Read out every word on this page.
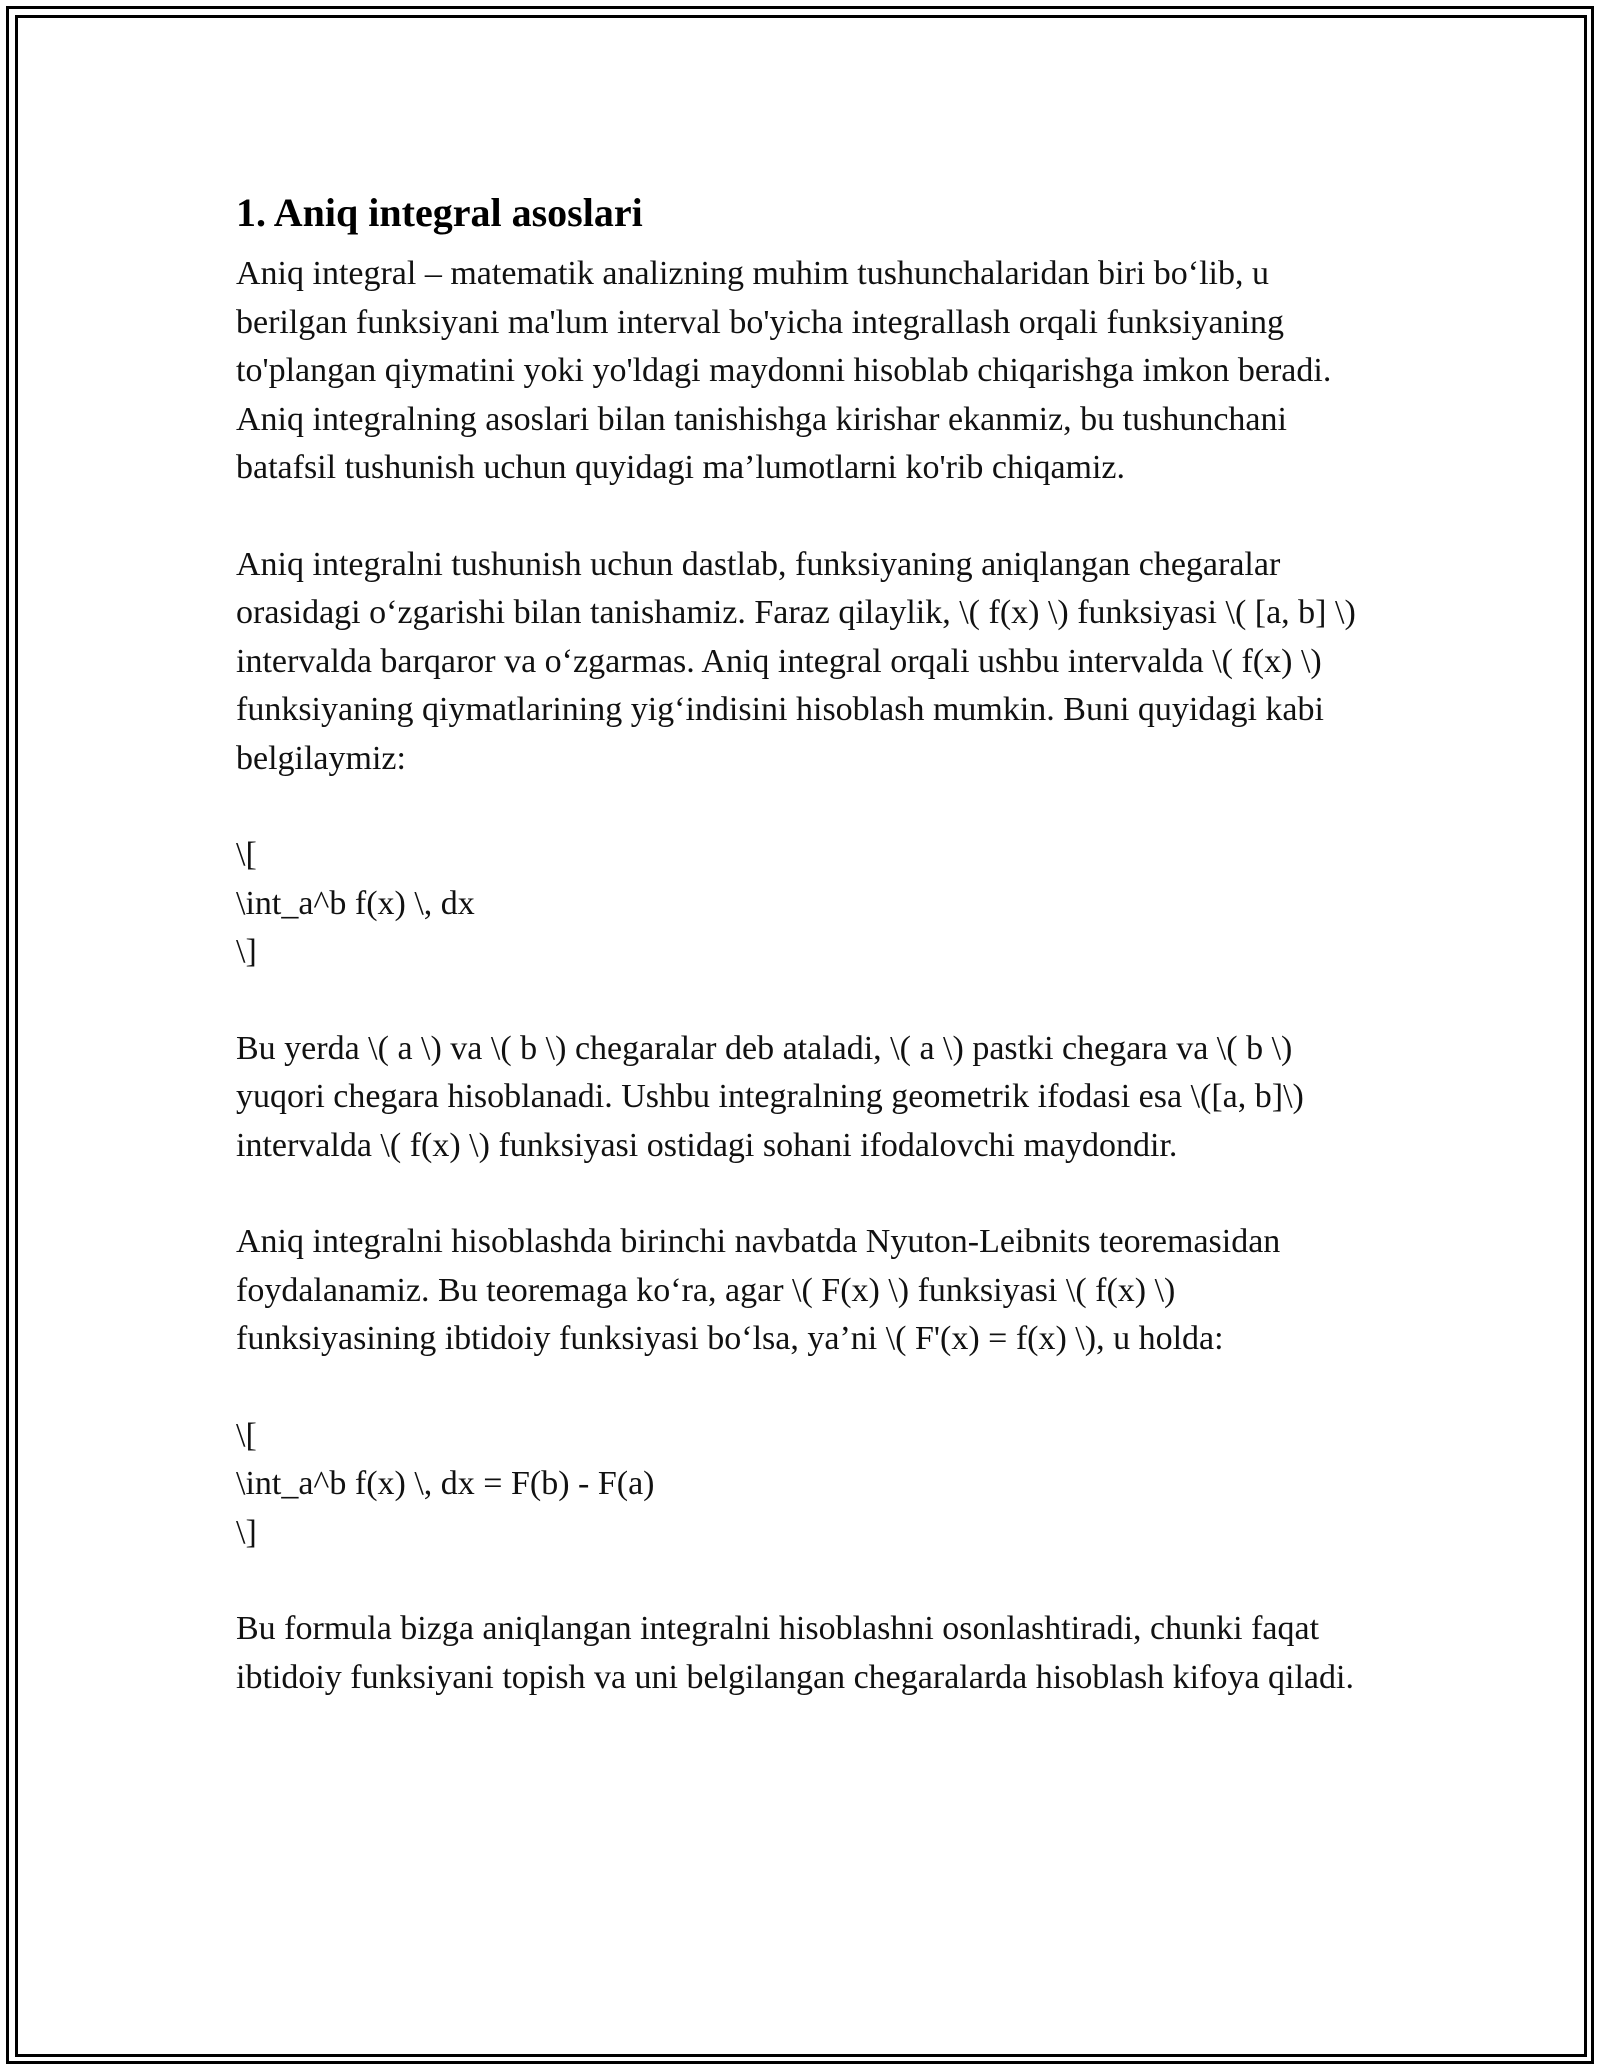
1. Aniq integral asoslari

Aniq integral – matematik analizning muhim tushunchalaridan biri bo‘lib, u berilgan funksiyani ma'lum interval bo'yicha integrallash orqali funksiyaning to'plangan qiymatini yoki yo'ldagi maydonni hisoblab chiqarishga imkon beradi. Aniq integralning asoslari bilan tanishishga kirishar ekanmiz, bu tushunchani batafsil tushunish uchun quyidagi ma’lumotlarni ko'rib chiqamiz.

Aniq integralni tushunish uchun dastlab, funksiyaning aniqlangan chegaralar orasidagi o‘zgarishi bilan tanishamiz. Faraz qilaylik, \( f(x) \) funksiyasi \( [a, b] \) intervalda barqaror va o‘zgarmas. Aniq integral orqali ushbu intervalda \( f(x) \) funksiyaning qiymatlarining yig‘indisini hisoblash mumkin. Buni quyidagi kabi belgilaymiz:

\[
\int_a^b f(x) \, dx
\]

Bu yerda \( a \) va \( b \) chegaralar deb ataladi, \( a \) pastki chegara va \( b \) yuqori chegara hisoblanadi. Ushbu integralning geometrik ifodasi esa \([a, b]\) intervalda \( f(x) \) funksiyasi ostidagi sohani ifodalovchi maydondir.

Aniq integralni hisoblashda birinchi navbatda Nyuton-Leibnits teoremasidan foydalanamiz. Bu teoremaga ko‘ra, agar \( F(x) \) funksiyasi \( f(x) \) funksiyasining ibtidoiy funksiyasi bo‘lsa, ya’ni \( F'(x) = f(x) \), u holda:

\[
\int_a^b f(x) \, dx = F(b) - F(a)
\]

Bu formula bizga aniqlangan integralni hisoblashni osonlashtiradi, chunki faqat ibtidoiy funksiyani topish va uni belgilangan chegaralarda hisoblash kifoya qiladi.
